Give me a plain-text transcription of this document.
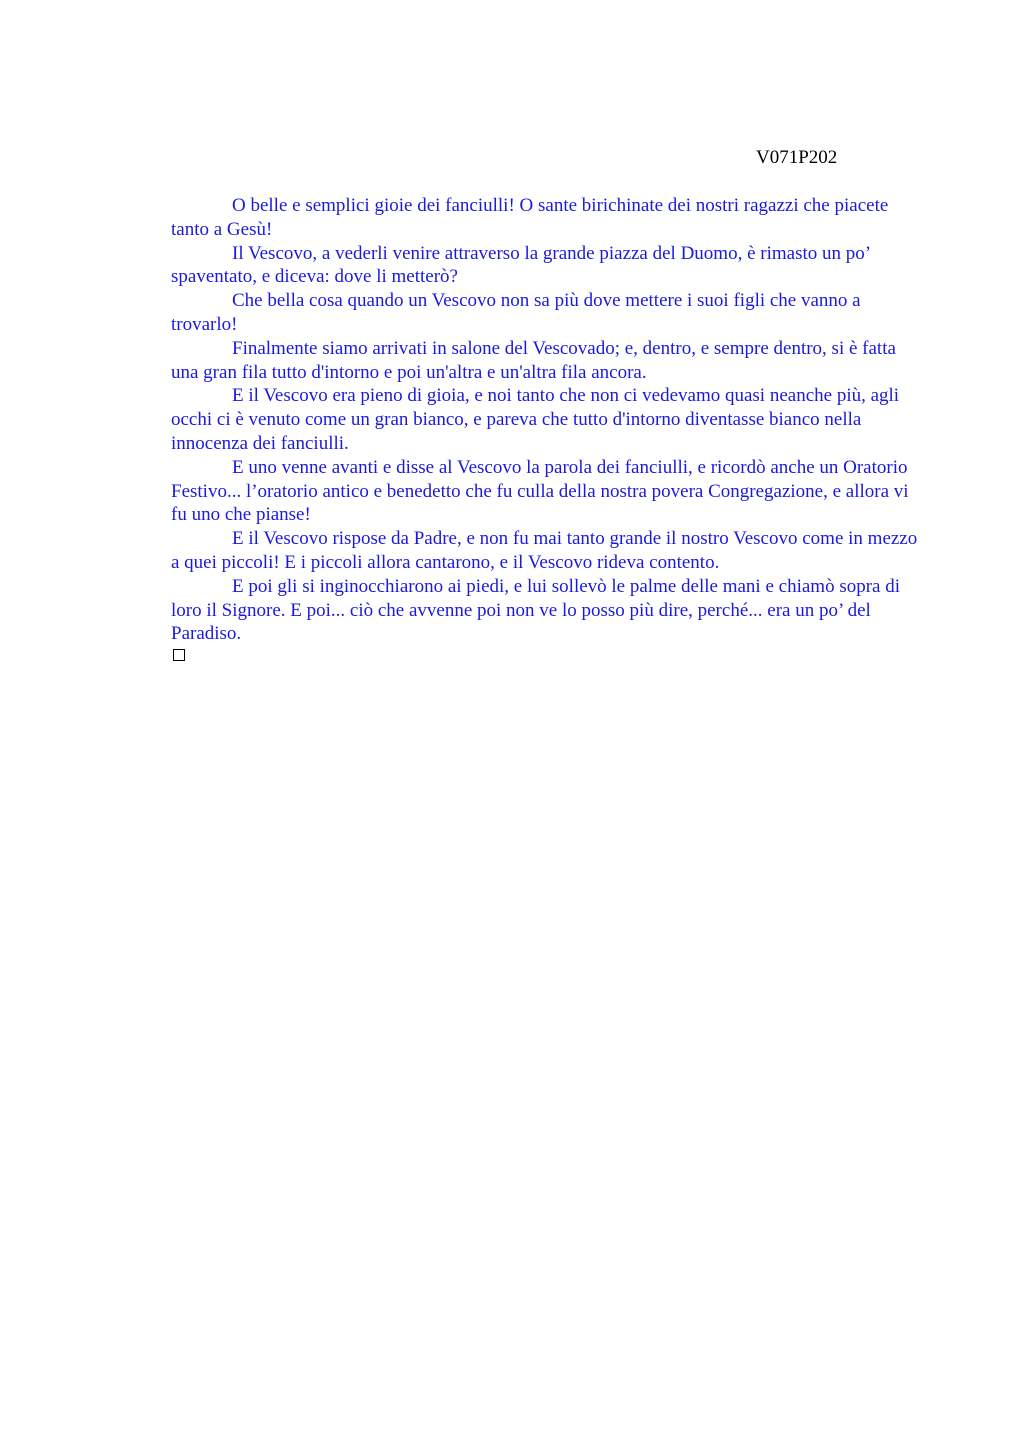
V071P202

O belle e semplici gioie dei fanciulli! O sante birichinate dei nostri ragazzi che piacete tanto a Gesù!

Il Vescovo, a vederli venire attraverso la grande piazza del Duomo, è rimasto un po’ spaventato, e diceva: dove li metterò?

Che bella cosa quando un Vescovo non sa più dove mettere i suoi figli che vanno a trovarlo!

Finalmente siamo arrivati in salone del Vescovado; e, dentro, e sempre dentro, si è fatta una gran fila tutto d'intorno e poi un'altra e un'altra fila ancora.

E il Vescovo era pieno di gioia, e noi tanto che non ci vedevamo quasi neanche più, agli occhi ci è venuto come un gran bianco, e pareva che tutto d'intorno diventasse bianco nella innocenza dei fanciulli.

E uno venne avanti e disse al Vescovo la parola dei fanciulli, e ricordò anche un Oratorio Festivo... l’oratorio antico e benedetto che fu culla della nostra povera Congregazione, e allora vi fu uno che pianse!

E il Vescovo rispose da Padre, e non fu mai tanto grande il nostro Vescovo come in mezzo a quei piccoli! E i piccoli allora cantarono, e il Vescovo rideva contento.

E poi gli si inginocchiarono ai piedi, e lui sollevò le palme delle mani e chiamò sopra di loro il Signore. E poi... ciò che avvenne poi non ve lo posso più dire, perché... era un po’ del Paradiso.
